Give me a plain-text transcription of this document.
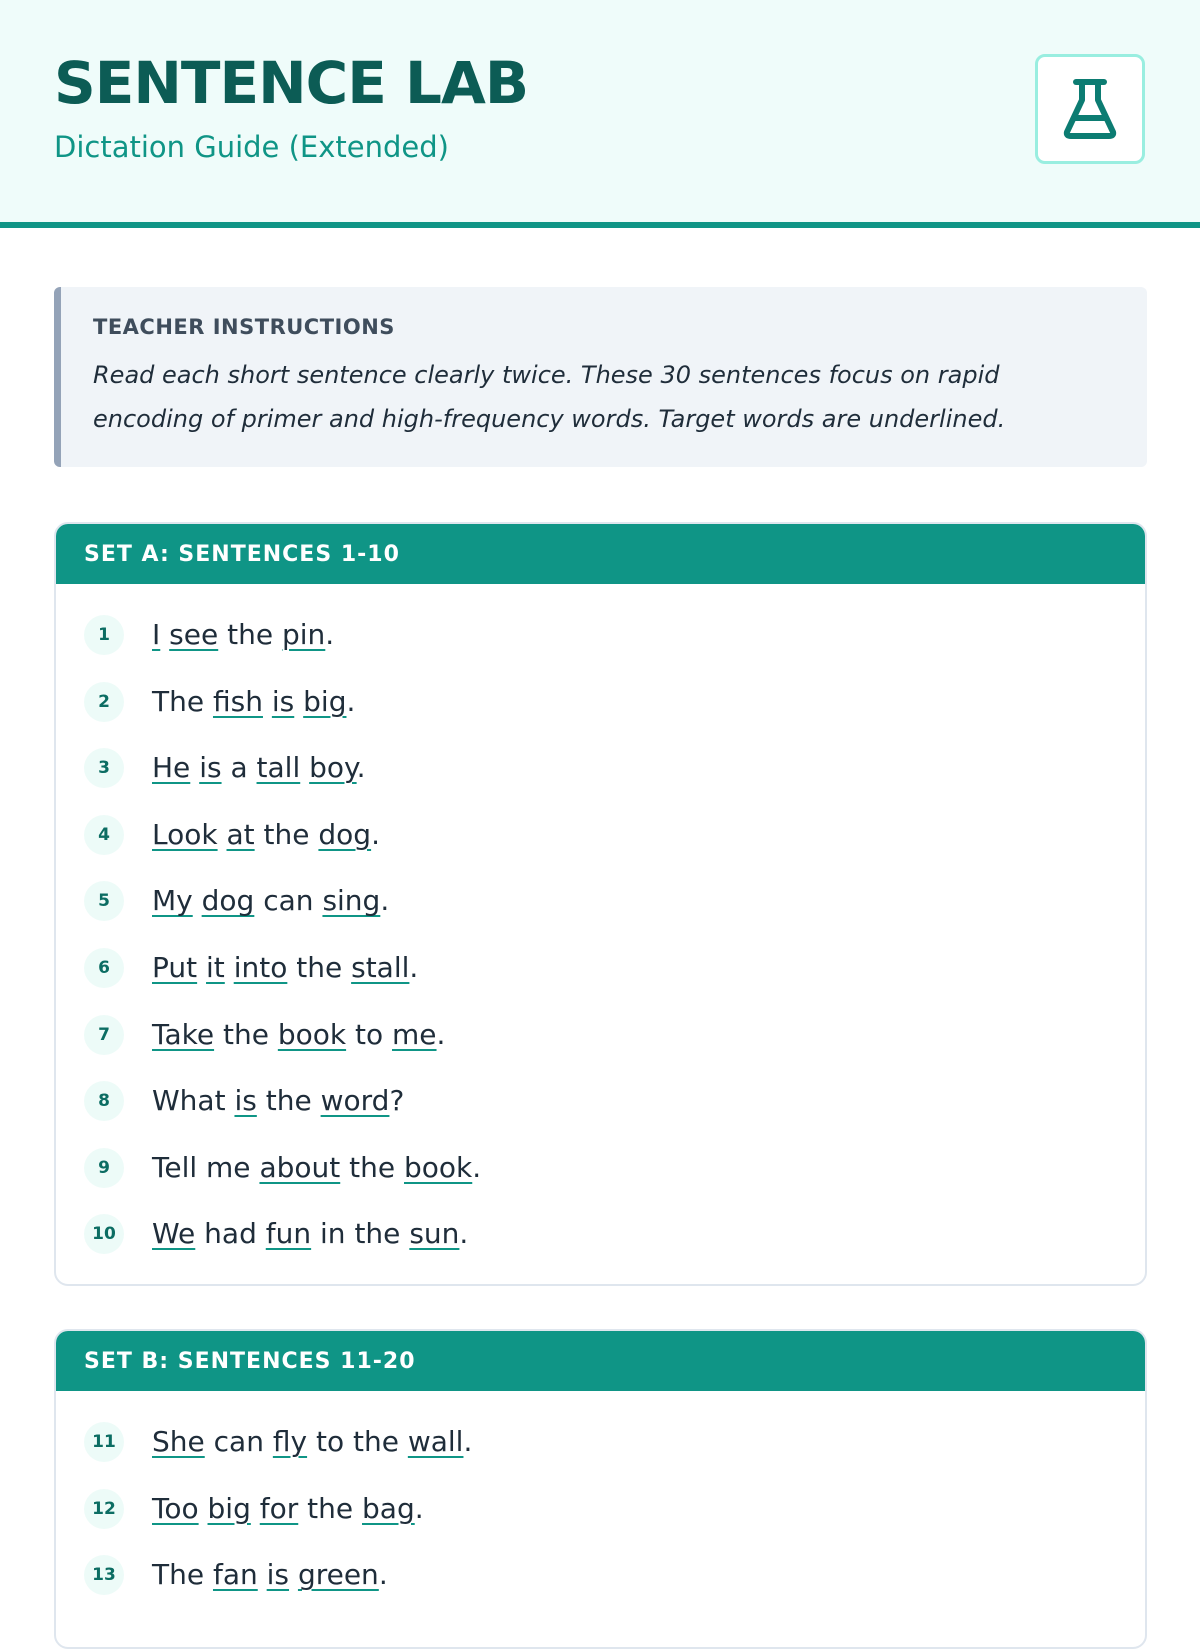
SENTENCE LAB
Dictation Guide (Extended)
TEACHER INSTRUCTIONS
Read each short sentence clearly twice. These 30 sentences focus on rapid encoding of primer and high-frequency words. Target words are underlined.
SET A: SENTENCES 1-10
1	I see the pin.
2	The fish is big.
3	He is a tall boy.
4	Look at the dog.
5	My dog can sing.
6	Put it into the stall.
7	Take the book to me.
8	What is the word?
9	Tell me about the book.
10 We had fun in the sun.
SET B: SENTENCES 11-20
11 She can fly to the wall.
12 Too big for the bag.
13 The fan is green.
